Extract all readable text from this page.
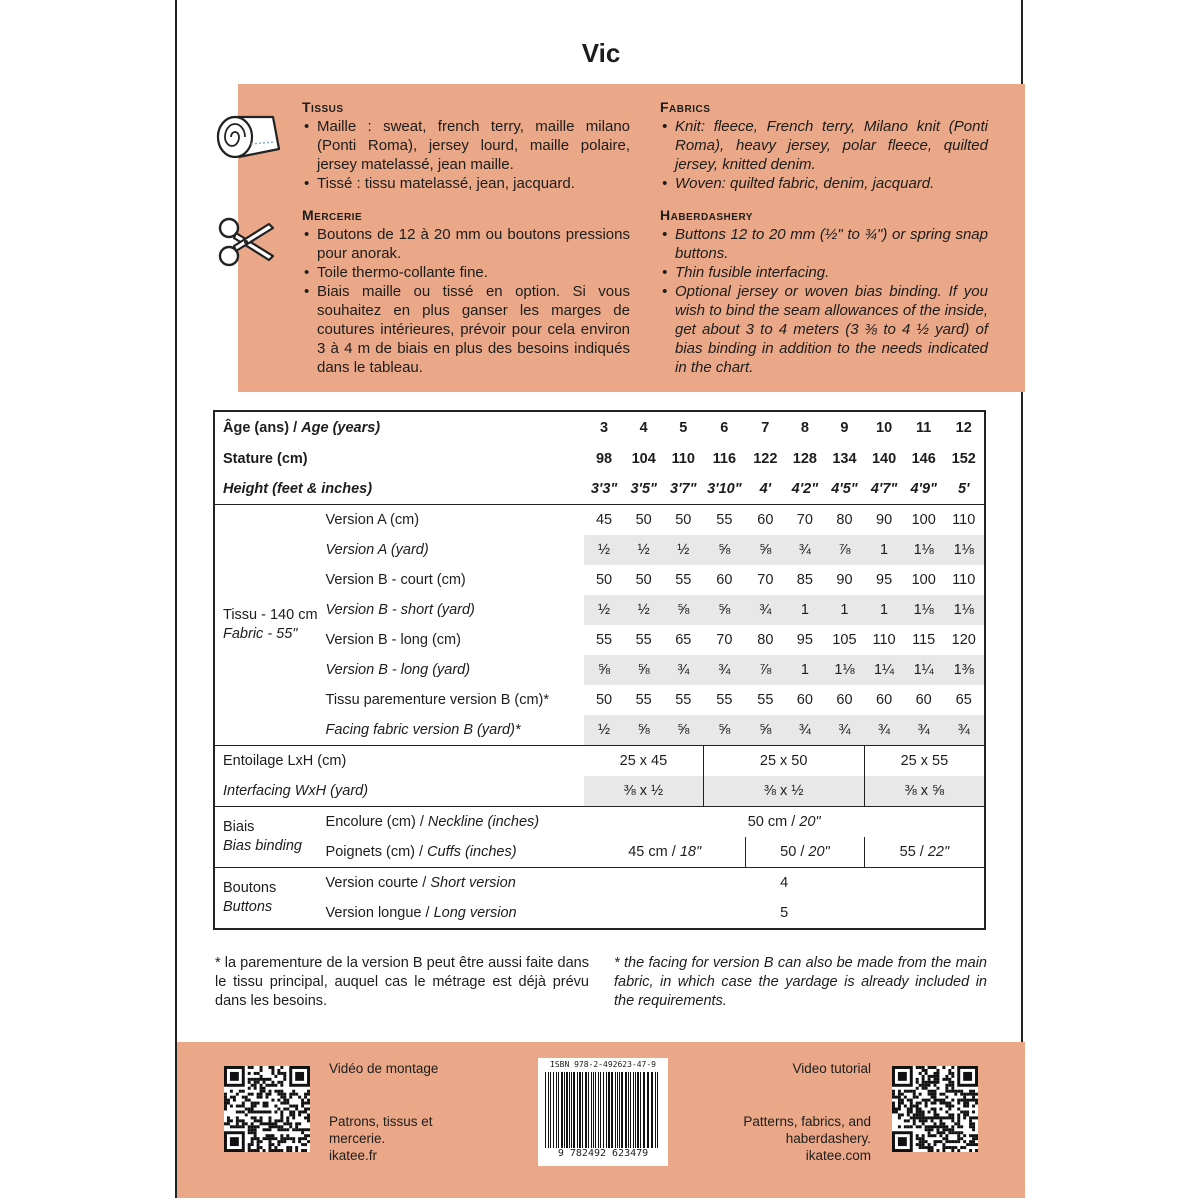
Vic
Tissus
• Maille : sweat, french terry, maille milano (Ponti Roma), jersey lourd, maille polaire, jersey matelassé, jean maille.
• Tissé : tissu matelassé, jean, jacquard.
Fabrics
• Knit: fleece, French terry, Milano knit (Ponti Roma), heavy jersey, polar fleece, quilted jersey, knitted denim.
• Woven: quilted fabric, denim, jacquard.
Mercerie
• Boutons de 12 à 20 mm ou boutons pressions pour anorak.
• Toile thermo-collante fine.
• Biais maille ou tissé en option. Si vous souhaitez en plus ganser les marges de coutures intérieures, prévoir pour cela environ 3 à 4 m de biais en plus des besoins indiqués dans le tableau.
Haberdashery
• Buttons 12 to 20 mm (½" to ¾") or spring snap buttons.
• Thin fusible interfacing.
• Optional jersey or woven bias binding. If you wish to bind the seam allowances of the inside, get about 3 to 4 meters (3 ⅜ to 4 ½ yard) of bias binding in addition to the needs indicated in the chart.
* la parementure de la version B peut être aussi faite dans le tissu principal, auquel cas le métrage est déjà prévu dans les besoins.
* the facing for version B can also be made from the main fabric, in which case the yardage is already included in the requirements.
Vidéo de montage
Patrons, tissus et mercerie.
ikatee.fr
ISBN 978-2-492623-47-9
9 782492 623479
Video tutorial
Patterns, fabrics, and haberdashery.
ikatee.com
Âge (ans) / Age (years)		3	4	5	6	7	8	9	10	11	12
Stature (cm)		98	104	110	116	122	128	134	140	146	152
Height (feet & inches)		3'3"	3'5"	3'7"	3'10"	4'	4'2"	4'5"	4'7"	4'9"	5'

Tissu - 140 cm
Fabric - 55"	Version A (cm)	45	50	50	55	60	70	80	90	100	110
	Version A (yard)	½	½	½	⅝	⅝	¾	⅞	1	1⅛	1⅛
	Version B - court (cm)	50	50	55	60	70	85	90	95	100	110
	Version B - short (yard)	½	½	⅝	⅝	¾	1	1	1	1⅛	1⅛
	Version B - long (cm)	55	55	65	70	80	95	105	110	115	120
	Version B - long (yard)	⅝	⅝	¾	¾	⅞	1	1⅛	1¼	1¼	1⅜
	Tissu parementure version B (cm)*	50	55	55	55	55	60	60	60	60	65
	Facing fabric version B (yard)*	½	⅝	⅝	⅝	⅝	¾	¾	¾	¾	¾
Entoilage LxH (cm)		25 x 45			25 x 50				25 x 55		
Interfacing WxH (yard)		⅜ x ½			⅜ x ½				⅜ x ⅝		

Biais
Bias binding	Encolure (cm) / Neckline (inches)	50 cm / 20"									
	Poignets (cm) / Cuffs (inches)	45 cm / 18"				50 / 20"			55 / 22"		

Boutons
Buttons	Version courte / Short version	4									
	Version longue / Long version	5									
